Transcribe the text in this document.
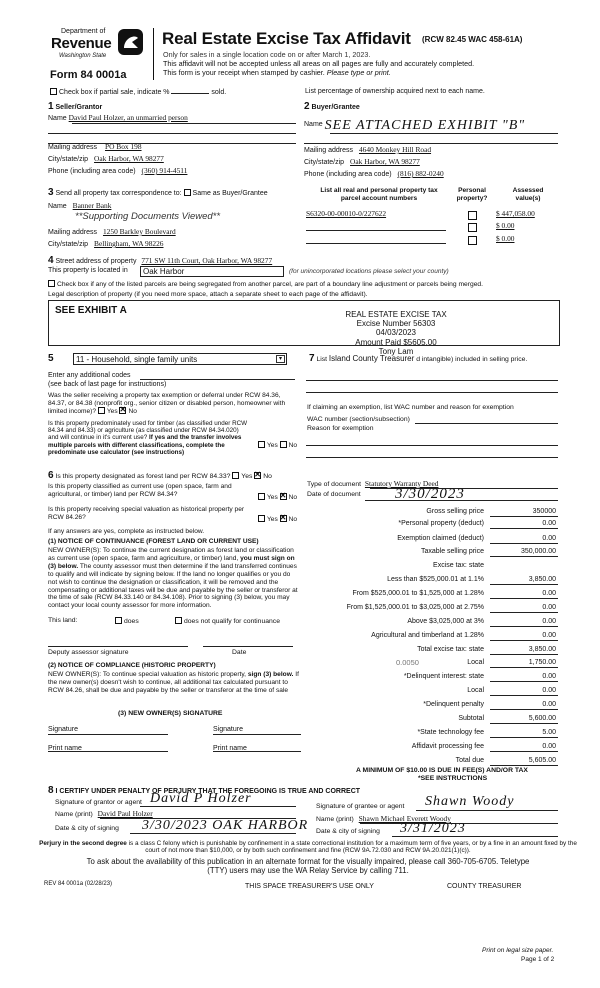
Department of
Revenue
Washington State
Form 84 0001a
Real Estate Excise Tax Affidavit (RCW 82.45 WAC 458-61A)
Only for sales in a single location code on or after March 1, 2023.
This affidavit will not be accepted unless all areas on all pages are fully and accurately completed.
This form is your receipt when stamped by cashier. Please type or print.
Check box if partial sale, indicate %	sold.	List percentage of ownership acquired next to each name.
1 Seller/Grantor
Name David Paul Holzer, an unmarried person
Mailing address PO Box 198
City/state/zip Oak Harbor, WA 98277
Phone (including area code) (360) 914-4511
2 Buyer/Grantee
Name SEE ATTACHED EXHIBIT "B"
Mailing address 4640 Monkey Hill Road
City/state/zip Oak Harbor, WA 98277
Phone (including area code) (816) 882-0240
3 Send all property tax correspondence to: Same as Buyer/Grantee
Name Banner Bank
**Supporting Documents Viewed**
Mailing address 1250 Barkley Boulevard
City/state/zip Bellingham, WA 98226
List all real and personal property tax parcel account numbers
Personal property?
Assessed value(s)
S6320-00-00010-0/227622	$ 447,058.00
$ 0.00
$ 0.00
4 Street address of property 771 SW 11th Court, Oak Harbor, WA 98277
This property is located in	Oak Harbor	(for unincorporated locations please select your county)
Check box if any of the listed parcels are being segregated from another parcel, are part of a boundary line adjustment or parcels being merged.
Legal description of property (if you need more space, attach a separate sheet to each page of the affidavit).
SEE EXHIBIT A	REAL ESTATE EXCISE TAX
Excise Number 56303
04/03/2023
Amount Paid $5605.00
Tony Lam
5	11 - Household, single family units	▾
Enter any additional codes
(see back of last page for instructions)
Was the seller receiving a property tax exemption or deferral under RCW 84.36, 84.37, or 84.38 (nonprofit org., senior citizen or disabled person, homeowner with limited income)? Yes ✕ No
Is this property predominately used for timber (as classified under RCW 84.34 and 84.33) or agriculture (as classified under RCW 84.34.020) and will continue in it's current use? If yes and the transfer involves multiple parcels with different classifications, complete the predominate use calculator (see instructions)
Yes No
7 List Island County Treasurer d intangible) included in selling price.
If claiming an exemption, list WAC number and reason for exemption
WAC number (section/subsection)
Reason for exemption
6 Is this property designated as forest land per RCW 84.33? Yes ✕ No
Is this property classified as current use (open space, farm and agricultural, or timber) land per RCW 84.34?	Yes ✕ No
Is this property receiving special valuation as historical property per RCW 84.26?	Yes ✕ No
If any answers are yes, complete as instructed below.
(1) NOTICE OF CONTINUANCE (FOREST LAND OR CURRENT USE)
NEW OWNER(S): To continue the current designation as forest land or classification as current use (open space, farm and agriculture, or timber) land, you must sign on (3) below. The county assessor must then determine if the land transferred continues to qualify and will indicate by signing below. If the land no longer qualifies or you do not wish to continue the designation or classification, it will be removed and the compensating or additional taxes will be due and payable by the seller or transferor at the time of sale (RCW 84.33.140 or 84.34.108). Prior to signing (3) below, you may contact your local county assessor for more information.
This land:	does	does not qualify for continuance
Deputy assessor signature	Date
(2) NOTICE OF COMPLIANCE (HISTORIC PROPERTY)
NEW OWNER(S): To continue special valuation as historic property, sign (3) below. If the new owner(s) doesn't wish to continue, all additional tax calculated pursuant to RCW 84.26, shall be due and payable by the seller or transferor at the time of sale
(3) NEW OWNER(S) SIGNATURE
Signature	Signature
Print name	Print name
Type of document Statutory Warranty Deed
Date of document 3/30/2023
Gross selling price	350000
*Personal property (deduct)	0.00
Exemption claimed (deduct)	0.00
Taxable selling price	350,000.00
Excise tax: state
Less than $525,000.01 at 1.1%	3,850.00
From $525,000.01 to $1,525,000 at 1.28%	0.00
From $1,525,000.01 to $3,025,000 at 2.75%	0.00
Above $3,025,000 at 3%	0.00
Agricultural and timberland at 1.28%	0.00
Total excise tax: state	3,850.00
Local	1,750.00
*Delinquent interest: state	0.00
Local	0.00
*Delinquent penalty	0.00
Subtotal	5,600.00
*State technology fee	5.00
Affidavit processing fee	0.00
Total due	5,605.00
0.0050
A MINIMUM OF $10.00 IS DUE IN FEE(S) AND/OR TAX
*SEE INSTRUCTIONS
8 I CERTIFY UNDER PENALTY OF PERJURY THAT THE FOREGOING IS TRUE AND CORRECT
Signature of grantor or agent David P Holzer
Name (print) David Paul Holzer
Date & city of signing 3/30/2023 OAK HARBOR
Signature of grantee or agent Shawn Woody
Name (print) Shawn Michael Everett Woody
Date & city of signing 3/31/2023
Perjury in the second degree is a class C felony which is punishable by confinement in a state correctional institution for a maximum term of five years, or by a fine in an amount fixed by the court of not more than $10,000, or by both such confinement and fine (RCW 9A.72.030 and RCW 9A.20.021(1)(c)).
To ask about the availability of this publication in an alternate format for the visually impaired, please call 360-705-6705. Teletype
(TTY) users may use the WA Relay Service by calling 711.
REV 84 0001a (02/28/23)	THIS SPACE TREASURER'S USE ONLY	COUNTY TREASURER
Print on legal size paper.
Page 1 of 2
